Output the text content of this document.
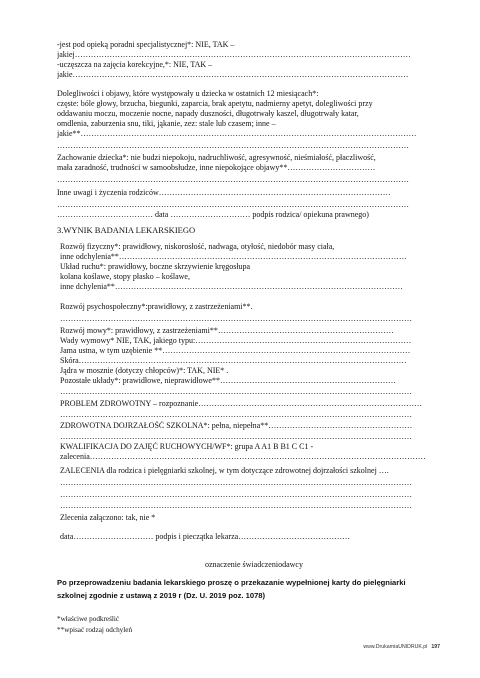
-jest pod opieką poradni specjalistycznej*: NIE, TAK –
jakiej………………………………………………………………………………………………………………
-uczęszcza na zajęcia korekcyjne,*: NIE, TAK –
jakie………………………………………………………………………………………………………………
Dolegliwości i objawy, które występowały u dziecka w ostatnich 12 miesiącach*:
częste: bóle głowy, brzucha, biegunki, zaparcia, brak apetytu, nadmierny apetyt, dolegliwości przy
oddawaniu moczu, moczenie nocne, napady duszności, długotrwały kaszel, długotrwały katar,
omdlenia, zaburzenia snu, tiki, jąkanie, zez: stale lub czasem; inne –
jakie**………………………………………………………………………………………………………………
……………………………………………………………………………………………………………………
Zachowanie dziecka*: nie budzi niepokoju, nadruchliwość, agresywność, nieśmiałość, płaczliwość,
mała zaradność, trudności w samoobsłudze, inne niepokojące objawy**……………………………
……………………………………………………………………………………………………………………
Inne uwagi i życzenia rodziców……………………………………………………………………………
……………………………………………………………………………………………………………………
……………………………… data ………………………… podpis rodzica/ opiekuna prawnego)
3.WYNIK BADANIA LEKARSKIEGO
Rozwój fizyczny*: prawidłowy, niskorosłość, nadwaga, otyłość, niedobór masy ciała,
inne odchylenia**………………………………………………………………………………………………
Układ ruchu*: prawidłowy, boczne skrzywienie kręgosłupa
kolana koślawe, stopy płasko – koślawe,
inne dchylenia**………………………………………………………………………………………………
Rozwój psychospołeczny*:prawidłowy, z zastrzeżeniami**.
……………………………………………………………………………………………………………………
Rozwój mowy*: prawidłowy, z zastrzeżeniami**…………………………………………………………
Wady wymowy* NIE, TAK, jakiego typu:………………………………………………………………………
Jama ustna, w tym uzębienie **…………………………………………………………………………………
Skóra……………………………………………………………………………………………………………
Jądra w mosznie (dotyczy chłopców)*: TAK, NIE* .
Pozostałe układy*: prawidłowe, nieprawidłowe**…………………………………………………………
……………………………………………………………………………………………………………………
PROBLEM ZDROWOTNY – rozpoznanie…………………………………………………………………………
……………………………………………………………………………………………………………………
ZDROWOTNA DOJRZAŁOŚĆ SZKOLNA*: pełna, niepełna**………………………………………………
……………………………………………………………………………………………………………………
KWALIFIKACJA DO ZAJĘĆ RUCHOWYCH/WF*: grupa A A1 B B1 C C1 -
zalecenia………………………………………………………………………………………………………………
ZALECENIA dla rodzica i pielęgniarki szkolnej, w tym dotyczące zdrowotnej dojrzałości szkolnej ….
……………………………………………………………………………………………………………………
……………………………………………………………………………………………………………………
……………………………………………………………………………………………………………………
Zlecenia załączono: tak, nie *
data………………………… podpis i pieczątka lekarza……………………………………
oznaczenie świadczeniodawcy
Po przeprowadzeniu badania lekarskiego proszę o przekazanie wypełnionej karty do pielęgniarki
szkolnej zgodnie z ustawą z 2019 r (Dz. U. 2019 poz. 1078)
*właściwe podkreślić
**wpisać rodzaj odchyleń
www.DrukarniaUNIDRUK.pl 197
